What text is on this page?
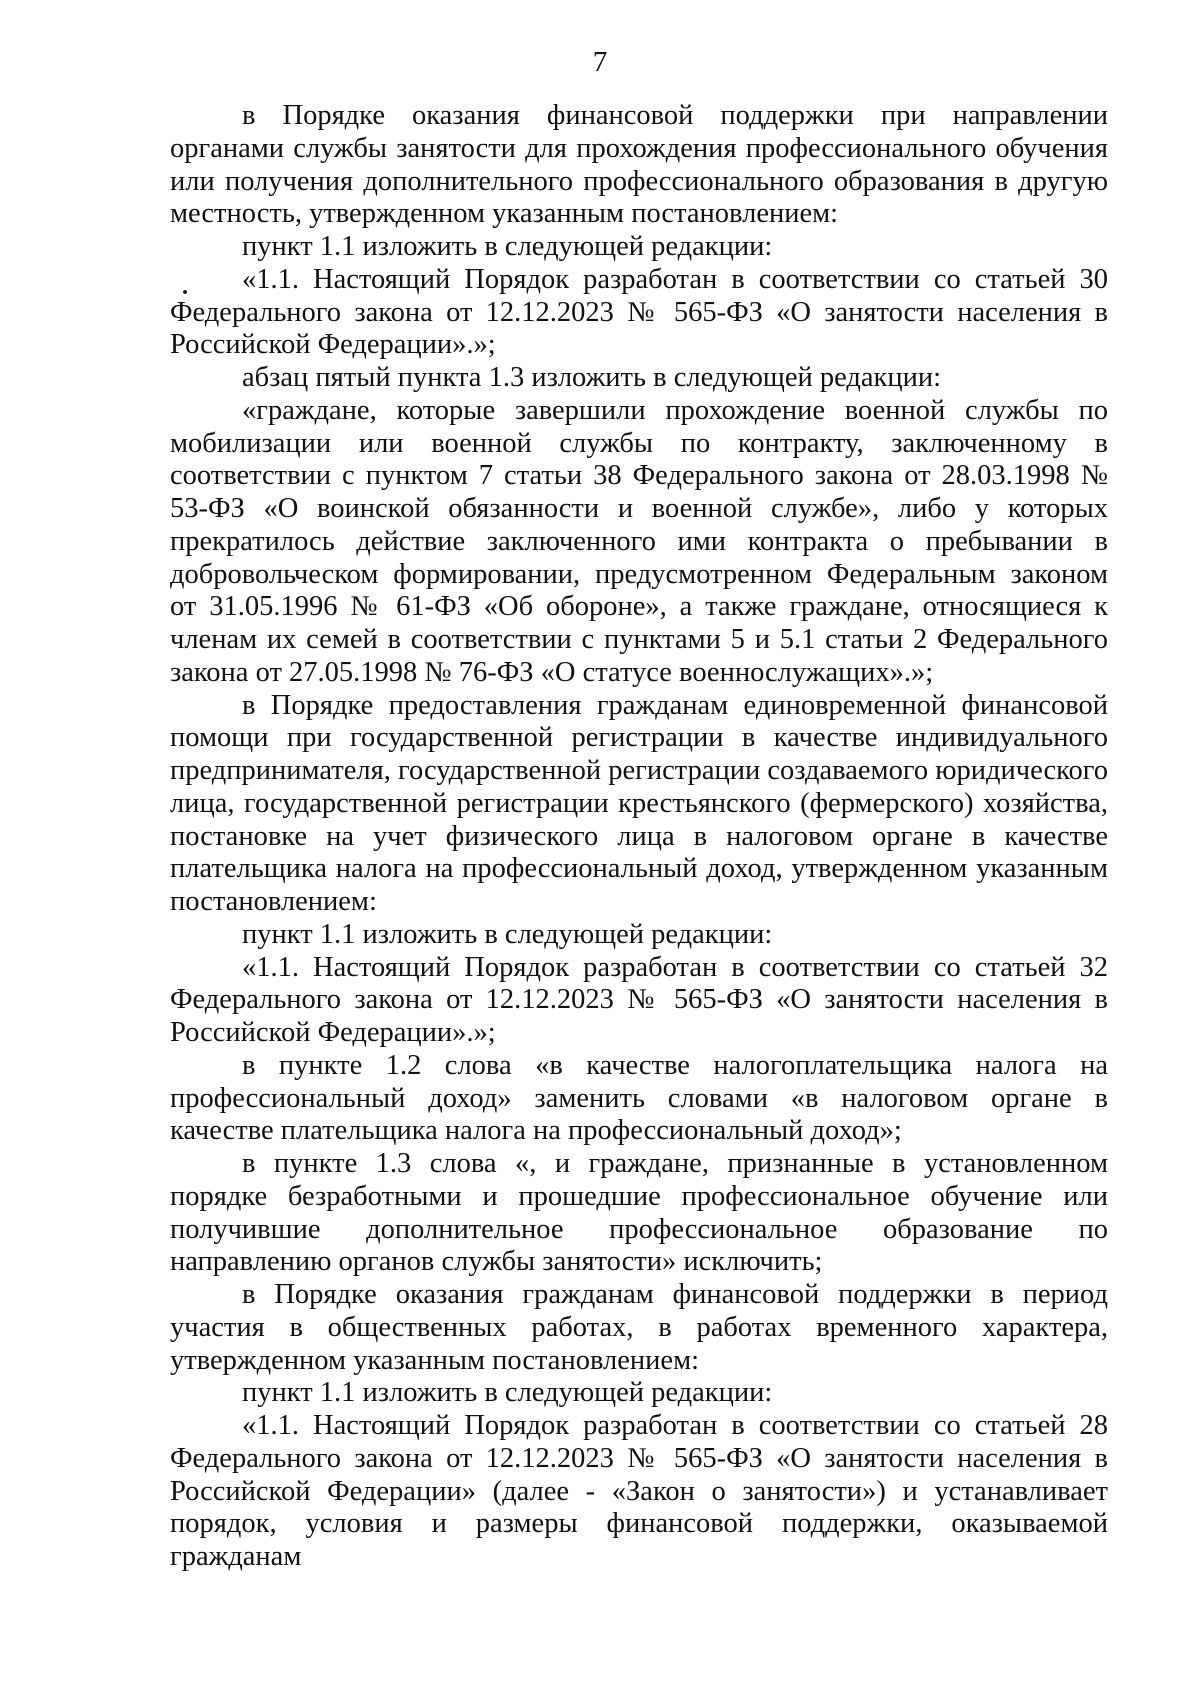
7

в Порядке оказания финансовой поддержки при направлении органами службы занятости для прохождения профессионального обучения или получения дополнительного профессионального образования в другую местность, утвержденном указанным постановлением:

пункт 1.1 изложить в следующей редакции:

«1.1. Настоящий Порядок разработан в соответствии со статьей 30 Федерального закона от 12.12.2023 № 565-ФЗ «О занятости населения в Российской Федерации».»;

абзац пятый пункта 1.3 изложить в следующей редакции:

«граждане, которые завершили прохождение военной службы по мобилизации или военной службы по контракту, заключенному в соответствии с пунктом 7 статьи 38 Федерального закона от 28.03.1998 № 53-ФЗ «О воинской обязанности и военной службе», либо у которых прекратилось действие заключенного ими контракта о пребывании в добровольческом формировании, предусмотренном Федеральным законом от 31.05.1996 № 61-ФЗ «Об обороне», а также граждане, относящиеся к членам их семей в соответствии с пунктами 5 и 5.1 статьи 2 Федерального закона от 27.05.1998 № 76-ФЗ «О статусе военнослужащих».»;

в Порядке предоставления гражданам единовременной финансовой помощи при государственной регистрации в качестве индивидуального предпринимателя, государственной регистрации создаваемого юридического лица, государственной регистрации крестьянского (фермерского) хозяйства, постановке на учет физического лица в налоговом органе в качестве плательщика налога на профессиональный доход, утвержденном указанным постановлением:

пункт 1.1 изложить в следующей редакции:

«1.1. Настоящий Порядок разработан в соответствии со статьей 32 Федерального закона от 12.12.2023 № 565-ФЗ «О занятости населения в Российской Федерации».»;

в пункте 1.2 слова «в качестве налогоплательщика налога на профессиональный доход» заменить словами «в налоговом органе в качестве плательщика налога на профессиональный доход»;

в пункте 1.3 слова «, и граждане, признанные в установленном порядке безработными и прошедшие профессиональное обучение или получившие дополнительное профессиональное образование по направлению органов службы занятости» исключить;

в Порядке оказания гражданам финансовой поддержки в период участия в общественных работах, в работах временного характера, утвержденном указанным постановлением:

пункт 1.1 изложить в следующей редакции:

«1.1. Настоящий Порядок разработан в соответствии со статьей 28 Федерального закона от 12.12.2023 № 565-ФЗ «О занятости населения в Российской Федерации» (далее - «Закон о занятости») и устанавливает порядок, условия и размеры финансовой поддержки, оказываемой гражданам
